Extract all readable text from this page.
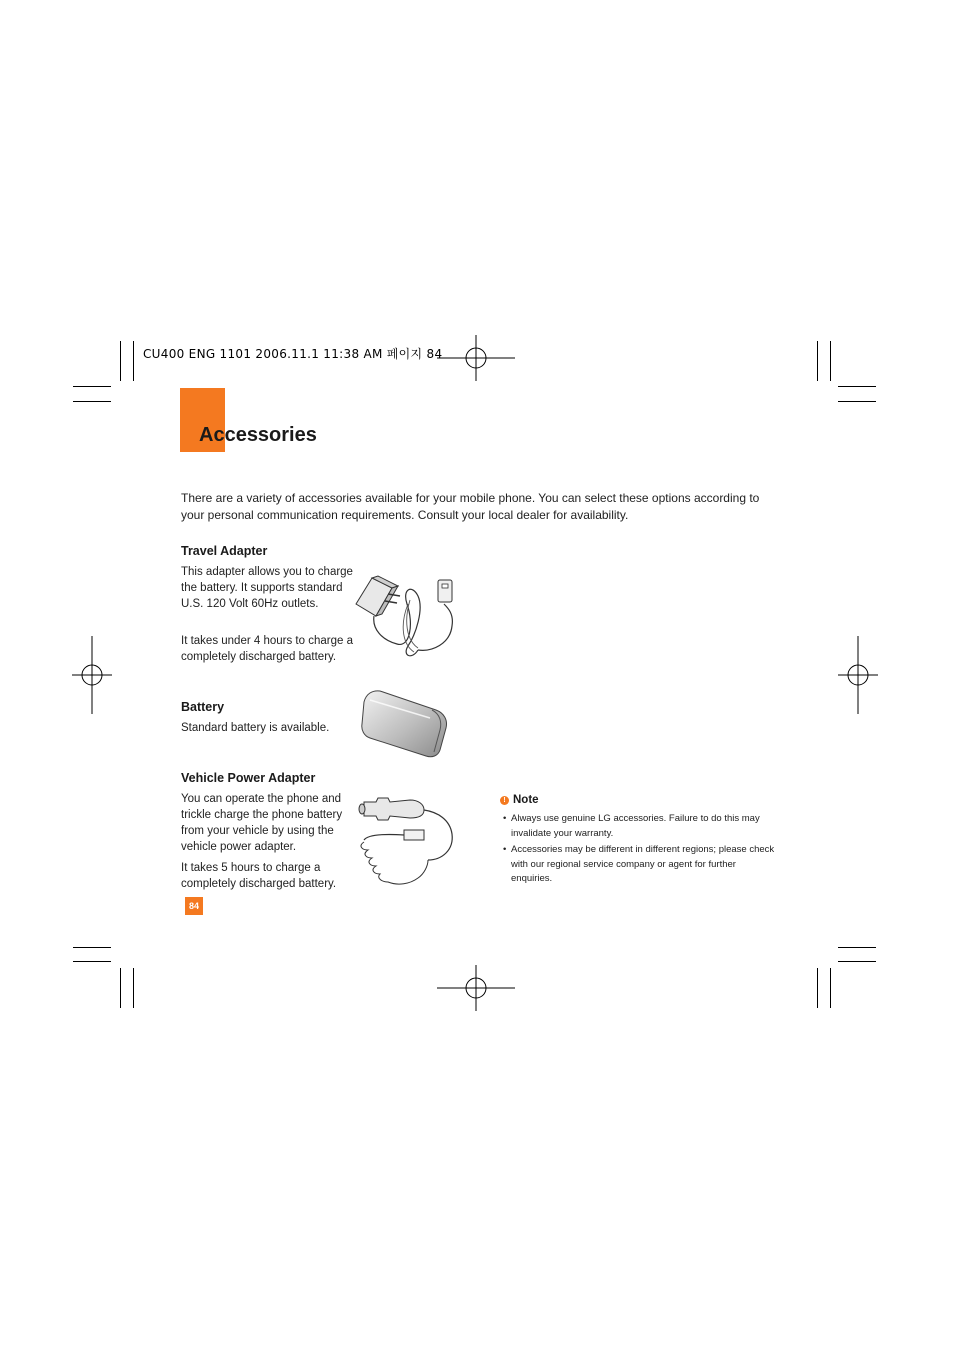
CU400 ENG 1101 2006.11.1 11:38 AM 페이지 84
Accessories

There are a variety of accessories available for your mobile phone. You can select these options according to your personal communication requirements. Consult your local dealer for availability.

Travel Adapter

This adapter allows you to charge the battery. It supports standard U.S. 120 Volt 60Hz outlets.

It takes under 4 hours to charge a completely discharged battery.

Battery

Standard battery is available.

Vehicle Power Adapter

You can operate the phone and trickle charge the phone battery from your vehicle by using the vehicle power adapter.

It takes 5 hours to charge a completely discharged battery.

! Note
• Always use genuine LG accessories. Failure to do this may invalidate your warranty.
• Accessories may be different in different regions; please check with our regional service company or agent for further enquiries.
84
